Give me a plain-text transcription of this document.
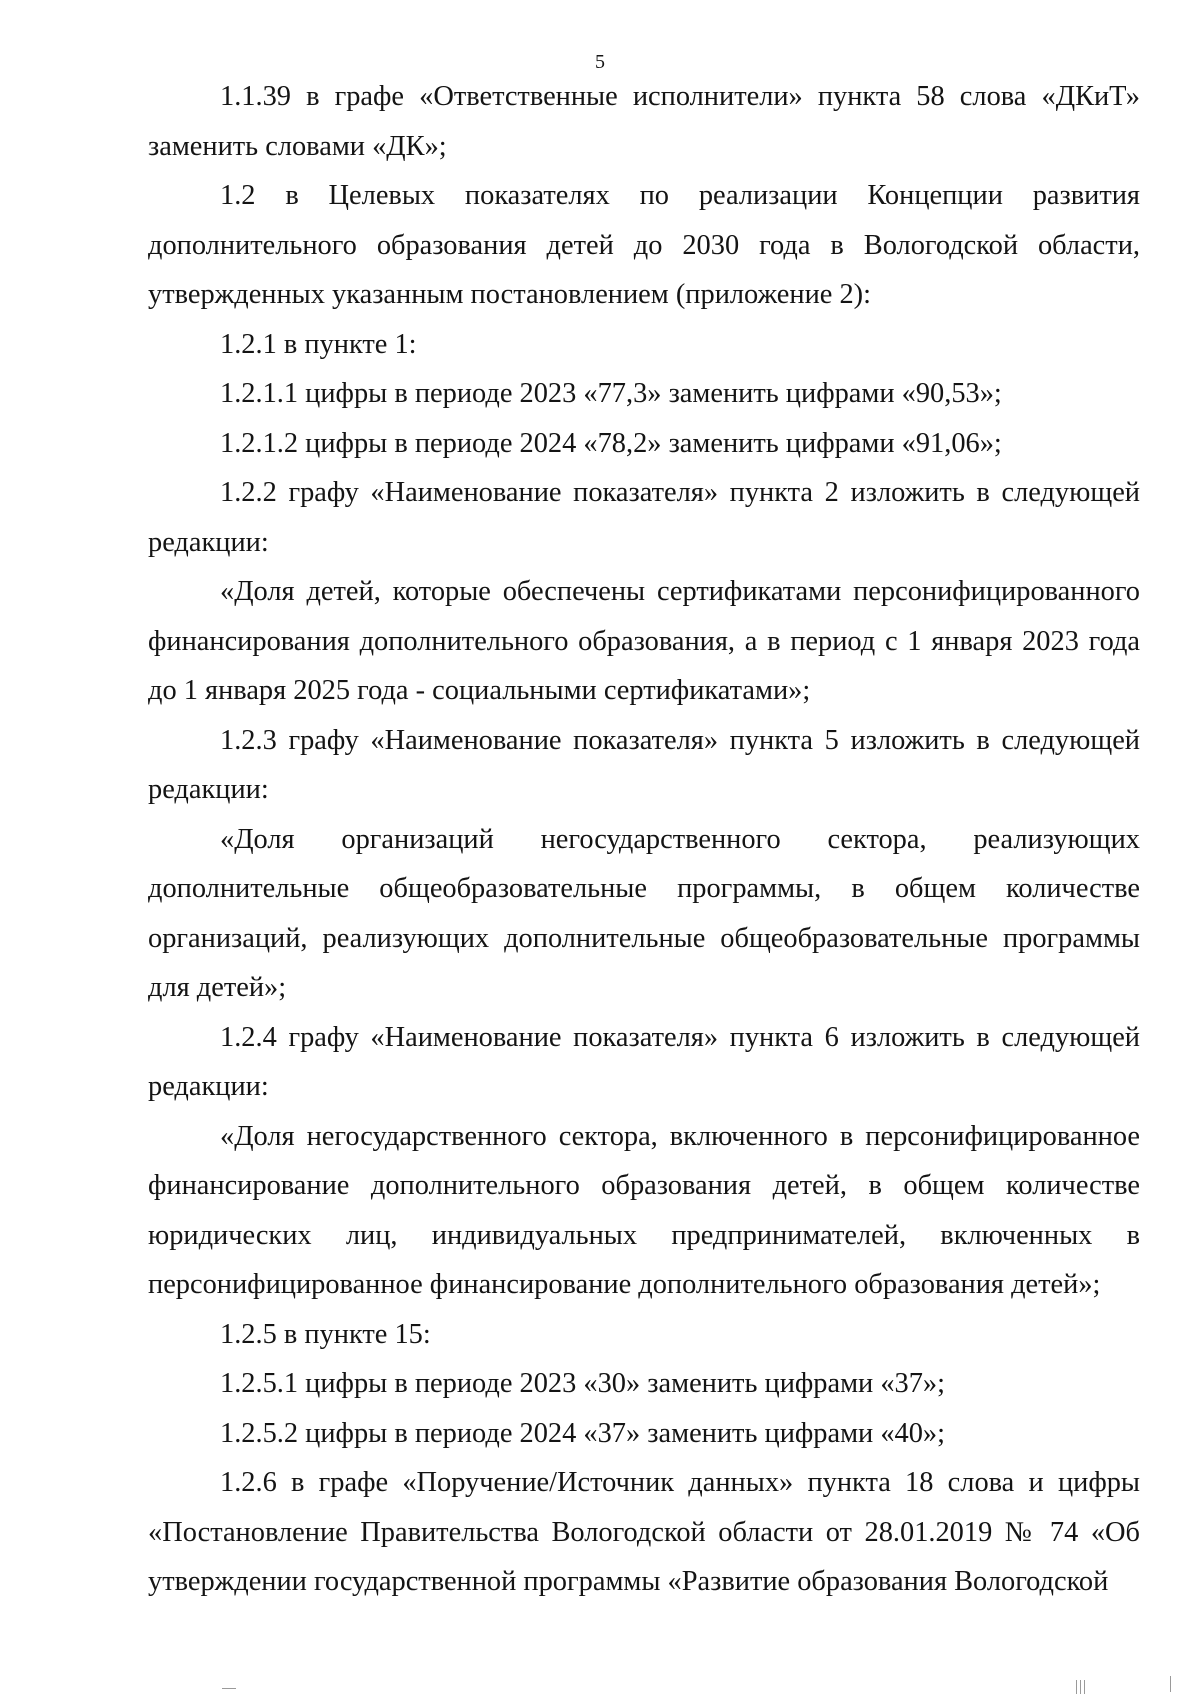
5

1.1.39 в графе «Ответственные исполнители» пункта 58 слова «ДКиТ» заменить словами «ДК»;

1.2 в Целевых показателях по реализации Концепции развития дополнительного образования детей до 2030 года в Вологодской области, утвержденных указанным постановлением (приложение 2):

1.2.1 в пункте 1:

1.2.1.1 цифры в периоде 2023 «77,3» заменить цифрами «90,53»;

1.2.1.2 цифры в периоде 2024 «78,2» заменить цифрами «91,06»;

1.2.2 графу «Наименование показателя» пункта 2 изложить в следующей редакции:

«Доля детей, которые обеспечены сертификатами персонифицированного финансирования дополнительного образования, а в период с 1 января 2023 года до 1 января 2025 года - социальными сертификатами»;

1.2.3 графу «Наименование показателя» пункта 5 изложить в следующей редакции:

«Доля организаций негосударственного сектора, реализующих дополнительные общеобразовательные программы, в общем количестве организаций, реализующих дополнительные общеобразовательные программы для детей»;

1.2.4 графу «Наименование показателя» пункта 6 изложить в следующей редакции:

«Доля негосударственного сектора, включенного в персонифицированное финансирование дополнительного образования детей, в общем количестве юридических лиц, индивидуальных предпринимателей, включенных в персонифицированное финансирование дополнительного образования детей»;

1.2.5 в пункте 15:

1.2.5.1 цифры в периоде 2023 «30» заменить цифрами «37»;

1.2.5.2 цифры в периоде 2024 «37» заменить цифрами «40»;

1.2.6 в графе «Поручение/Источник данных» пункта 18 слова и цифры «Постановление Правительства Вологодской области от 28.01.2019 № 74 «Об утверждении государственной программы «Развитие образования Вологодской
